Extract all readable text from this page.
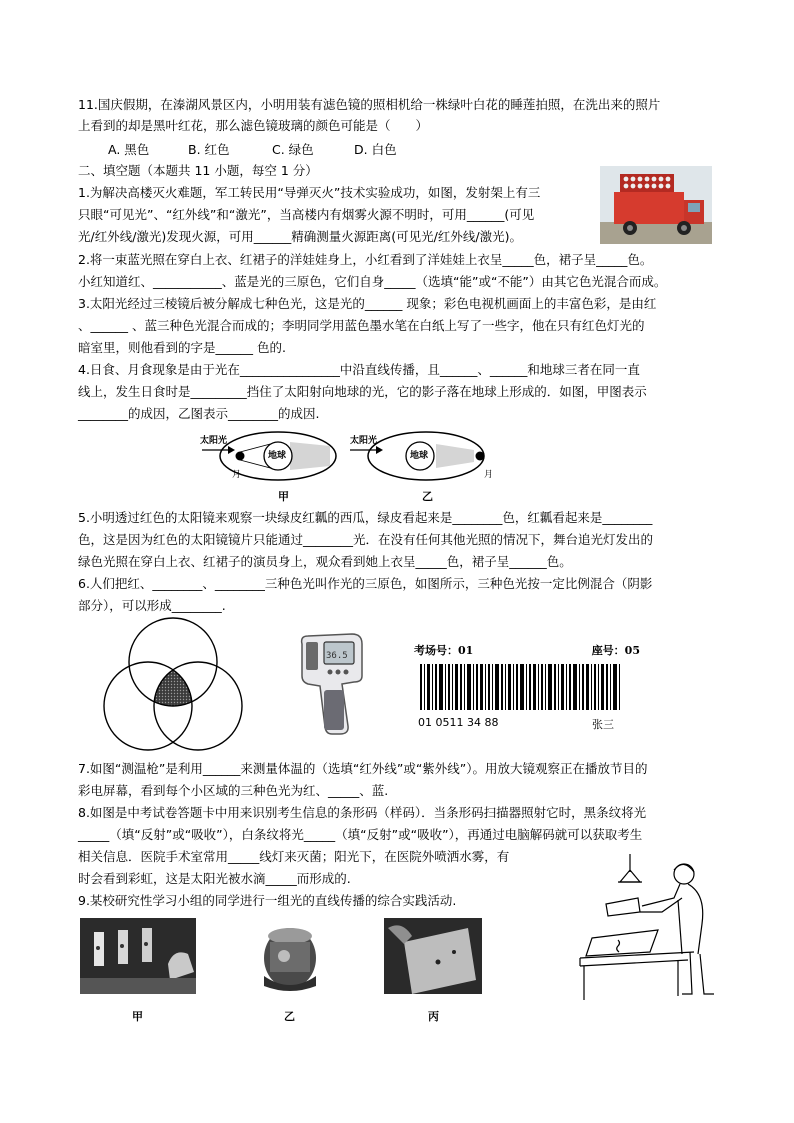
11.国庆假期，在溱湖风景区内，小明用装有滤色镜的照相机给一株绿叶白花的睡莲拍照，在洗出来的照片
上看到的却是黑叶红花，那么滤色镜玻璃的颜色可能是（　　）
A. 黑色	B. 红色	C. 绿色	D. 白色
二、填空题（本题共 11 小题，每空 1 分）
1.为解决高楼灭火难题，军工转民用“导弹灭火”技术实验成功，如图，发射架上有三
只眼“可见光”、“红外线”和“激光”，当高楼内有烟雾火源不明时，可用______(可见
光/红外线/激光)发现火源，可用______精确测量火源距离(可见光/红外线/激光)。
2.将一束蓝光照在穿白上衣、红裙子的洋娃娃身上，小红看到了洋娃娃上衣呈_____色，裙子呈_____色。
小红知道红、___________、蓝是光的三原色，它们自身_____（选填“能”或“不能”）由其它色光混合而成。
3.太阳光经过三棱镜后被分解成七种色光，这是光的______ 现象；彩色电视机画面上的丰富色彩，是由红
、______ 、蓝三种色光混合而成的；李明同学用蓝色墨水笔在白纸上写了一些字，他在只有红色灯光的
暗室里，则他看到的字是______ 色的.
4.日食、月食现象是由于光在________________中沿直线传播，且______、______和地球三者在同一直
线上，发生日食时是_________挡住了太阳射向地球的光，它的影子落在地球上形成的．如图，甲图表示
________的成因，乙图表示________的成因.
太阳光	太阳光
月	月
地球	地球
甲	乙
5.小明透过红色的太阳镜来观察一块绿皮红瓤的西瓜，绿皮看起来是________色，红瓤看起来是________
色，这是因为红色的太阳镜镜片只能通过________光．在没有任何其他光照的情况下，舞台追光灯发出的
绿色光照在穿白上衣、红裙子的演员身上，观众看到她上衣呈_____色，裙子呈______色。
6.人们把红、________、________三种色光叫作光的三原色，如图所示，三种色光按一定比例混合（阴影
部分），可以形成________.
36.5	考场号：01	座号：05
01 0511 34 88	张三
7.如图“测温枪”是利用______来测量体温的（选填“红外线”或“紫外线”）。用放大镜观察正在播放节目的
彩电屏幕，看到每个小区域的三种色光为红、_____、蓝.
8.如图是中考试卷答题卡中用来识别考生信息的条形码（样码）．当条形码扫描器照射它时，黑条纹将光
_____（填“反射”或“吸收”），白条纹将光_____（填“反射”或“吸收”），再通过电脑解码就可以获取考生
相关信息．医院手术室常用_____线灯来灭菌；阳光下，在医院外喷洒水雾，有
时会看到彩虹，这是太阳光被水滴_____而形成的.
9.某校研究性学习小组的同学进行一组光的直线传播的综合实践活动.
甲	乙	丙
